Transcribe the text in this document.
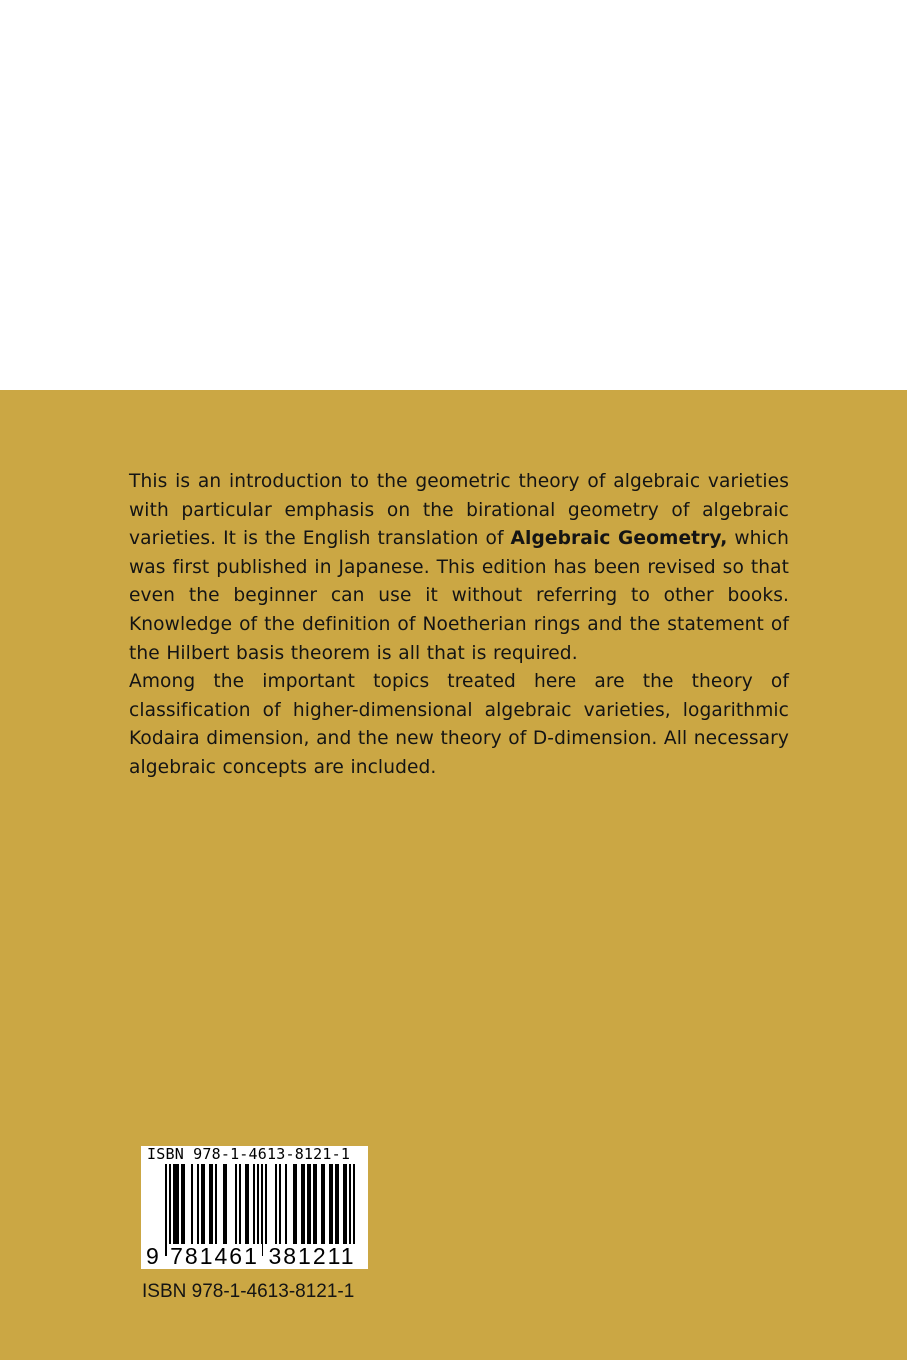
This is an introduction to the geometric theory of algebraic varieties with particular emphasis on the birational geometry of algebraic varieties. It is the English translation of Algebraic Geometry, which was first published in Japanese. This edition has been revised so that even the beginner can use it without referring to other books. Knowledge of the definition of Noetherian rings and the statement of the Hilbert basis theorem is all that is required.

Among the important topics treated here are the theory of classification of higher-dimensional algebraic varieties, logarithmic Kodaira dimension, and the new theory of D-dimension. All necessary algebraic concepts are included.

ISBN 978-1-4613-8121-1
9 781461 381211
ISBN 978-1-4613-8121-1
